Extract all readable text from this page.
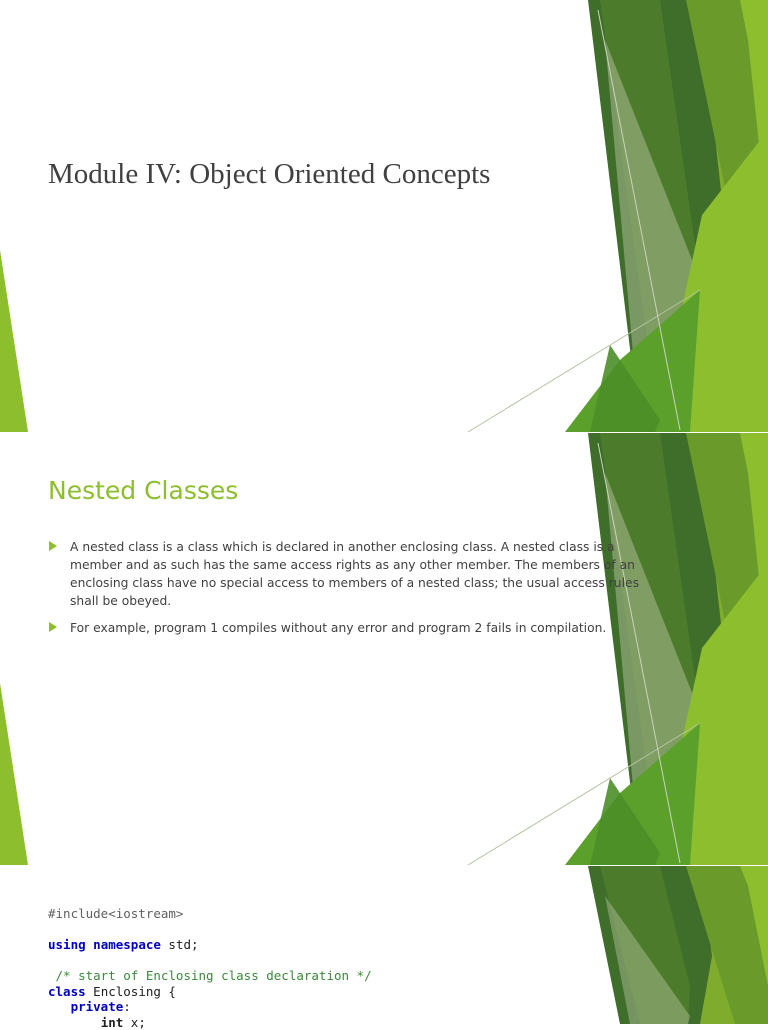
Module IV: Object Oriented Concepts
Nested Classes
A nested class is a class which is declared in another enclosing class. A nested class is a member and as such has the same access rights as any other member. The members of an enclosing class have no special access to members of a nested class; the usual access rules shall be obeyed.
For example, program 1 compiles without any error and program 2 fails in compilation.
#include<iostream>

using namespace std;

/* start of Enclosing class declaration */
class Enclosing {
private:
int x;
